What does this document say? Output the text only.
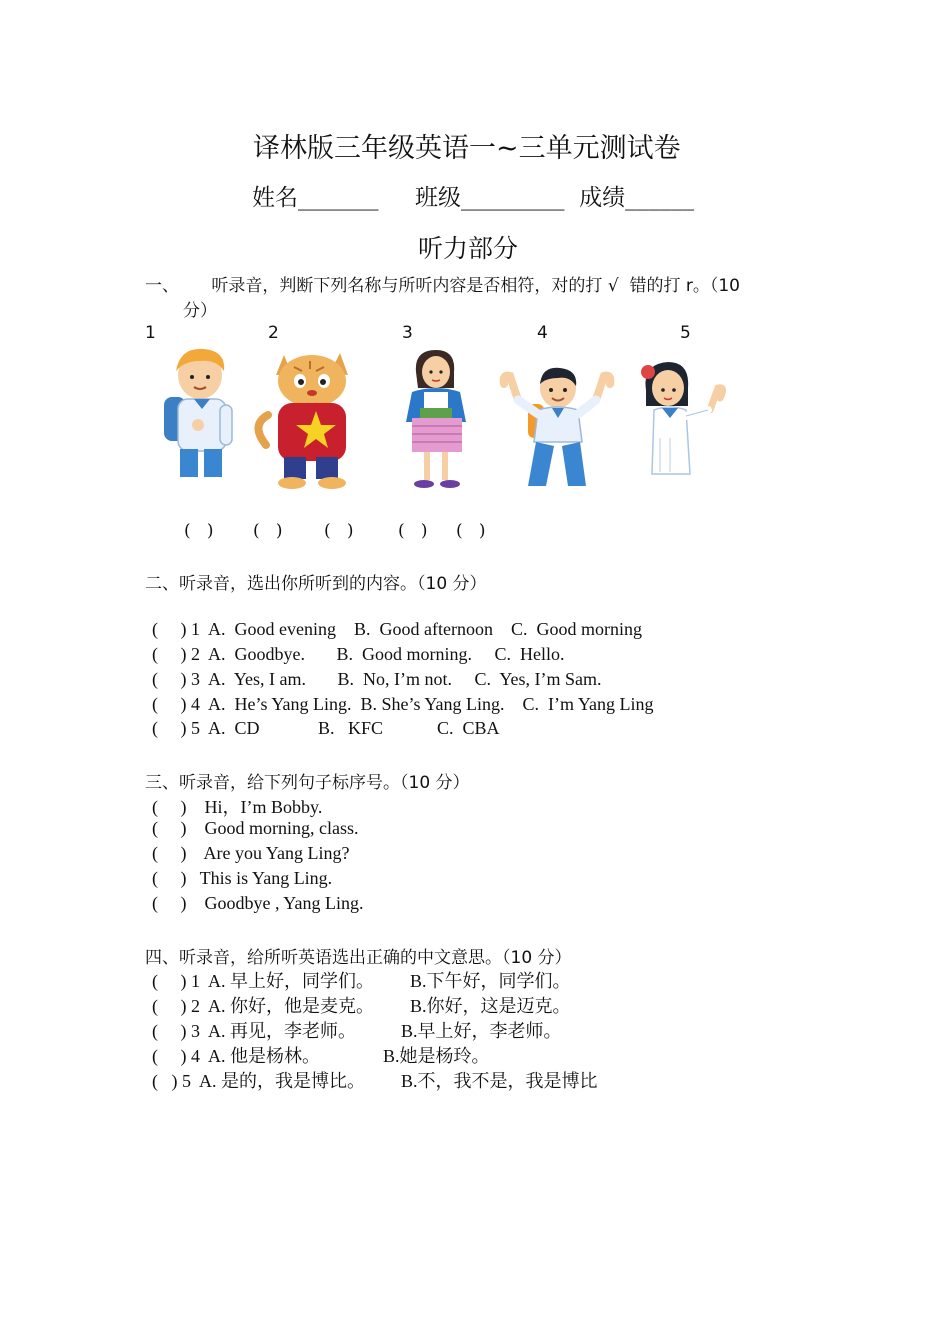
译林版三年级英语一~三单元测试卷
姓名_______     班级_________  成绩______
听力部分
一、      听录音，判断下列名称与所听内容是否相符，对的打 √  错的打 r。（10
分）
1	2	3	4	5
(   ) (   ) (   )	(   ) (   )
二、听录音，选出你所听到的内容。（10 分）
(     ) 1  A.  Good evening    B.  Good afternoon    C.  Good morning
(     ) 2  A.  Goodbye.       B.  Good morning.     C.  Hello.
(     ) 3  A.  Yes, I am.       B.  No, I’m not.     C.  Yes, I’m Sam.
(     ) 4  A.  He’s Yang Ling.  B. She’s Yang Ling.    C.  I’m Yang Ling
(     ) 5  A.  CD             B.   KFC            C.  CBA
三、听录音，给下列句子标序号。（10 分）
(     )    Hi，I’m Bobby.
(     )    Good morning, class.
(     )    Are you Yang Ling?
(     )   This is Yang Ling.
(     )    Goodbye , Yang Ling.
四、听录音，给所听英语选出正确的中文意思。（10 分）
(     ) 1  A. 早上好，同学们。        B.下午好，同学们。
(     ) 2  A. 你好，他是麦克。        B.你好，这是迈克。
(     ) 3  A. 再见，李老师。          B.早上好，李老师。
(     ) 4  A. 他是杨林。              B.她是杨玲。
(   ) 5  A. 是的，我是博比。        B.不，我不是，我是博比
